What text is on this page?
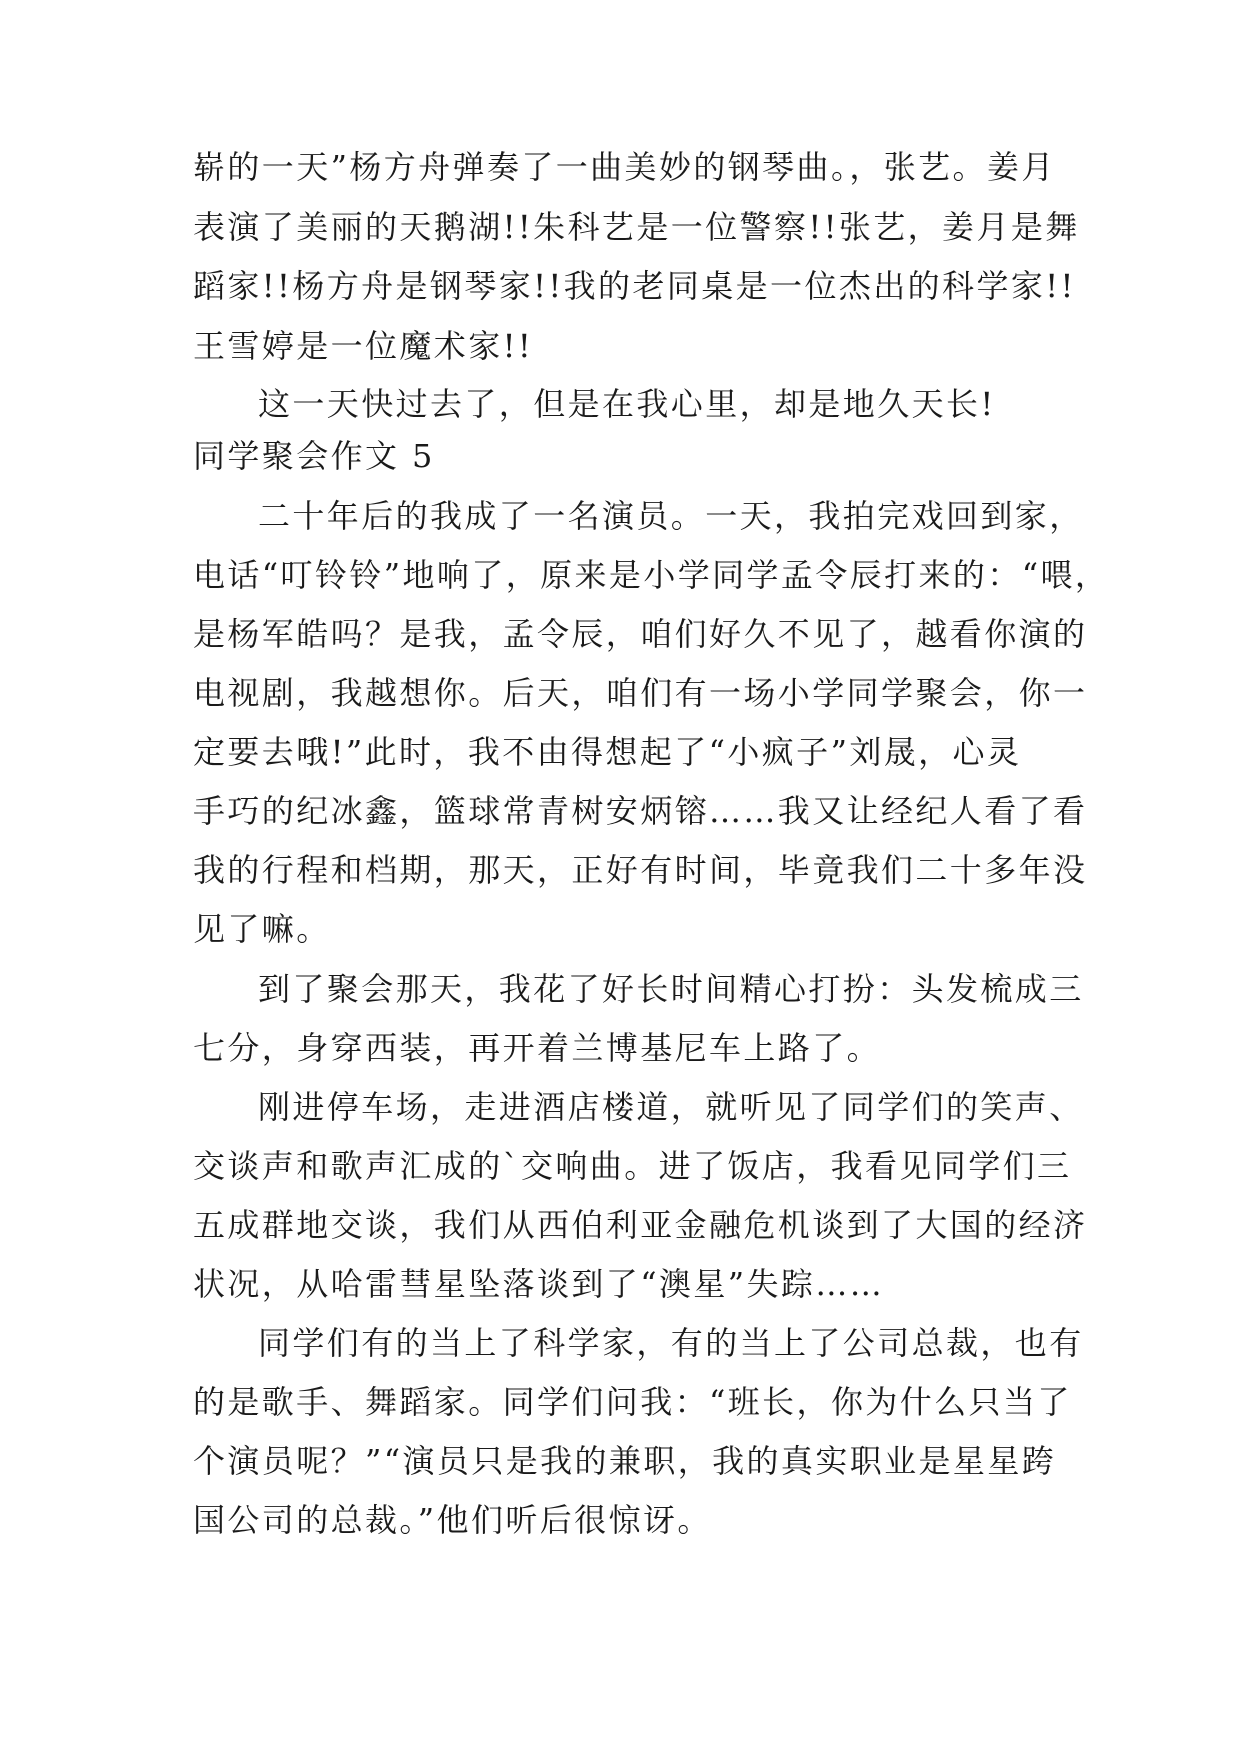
崭的一天”杨方舟弹奏了一曲美妙的钢琴曲。，张艺。姜月
表演了美丽的天鹅湖!!朱科艺是一位警察!!张艺，姜月是舞
蹈家!!杨方舟是钢琴家!!我的老同桌是一位杰出的科学家!!
王雪婷是一位魔术家!!
这一天快过去了，但是在我心里，却是地久天长!
同学聚会作文 5
二十年后的我成了一名演员。一天，我拍完戏回到家，
电话“叮铃铃”地响了，原来是小学同学孟令辰打来的：“喂，
是杨军皓吗？是我，孟令辰，咱们好久不见了，越看你演的
电视剧，我越想你。后天，咱们有一场小学同学聚会，你一
定要去哦!”此时，我不由得想起了“小疯子”刘晟，心灵
手巧的纪冰鑫，篮球常青树安炳镕……我又让经纪人看了看
我的行程和档期，那天，正好有时间，毕竟我们二十多年没
见了嘛。
到了聚会那天，我花了好长时间精心打扮：头发梳成三
七分，身穿西装，再开着兰博基尼车上路了。
刚进停车场，走进酒店楼道，就听见了同学们的笑声、
交谈声和歌声汇成的`交响曲。进了饭店，我看见同学们三
五成群地交谈，我们从西伯利亚金融危机谈到了大国的经济
状况，从哈雷彗星坠落谈到了“澳星”失踪……
同学们有的当上了科学家，有的当上了公司总裁，也有
的是歌手、舞蹈家。同学们问我：“班长，你为什么只当了
个演员呢？”“演员只是我的兼职，我的真实职业是星星跨
国公司的总裁。”他们听后很惊讶。
